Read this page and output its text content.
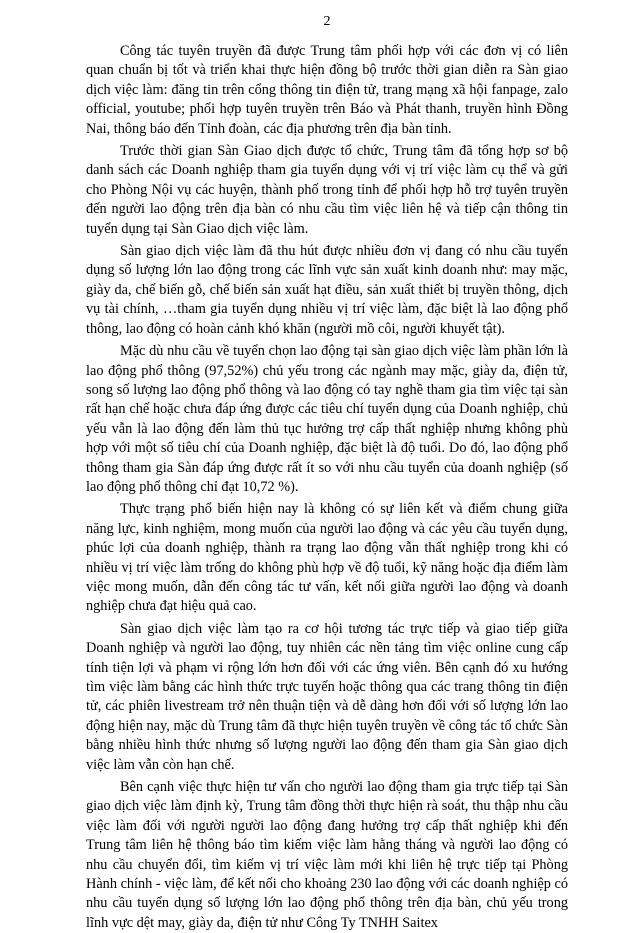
2

Công tác tuyên truyền đã được Trung tâm phối hợp với các đơn vị có liên quan chuẩn bị tốt và triển khai thực hiện đồng bộ trước thời gian diễn ra Sàn giao dịch việc làm: đăng tin trên cổng thông tin điện tử, trang mạng xã hội fanpage, zalo official, youtube; phối hợp tuyên truyền trên Báo và Phát thanh, truyền hình Đồng Nai, thông báo đến Tỉnh đoàn, các địa phương trên địa bàn tỉnh.

Trước thời gian Sàn Giao dịch được tổ chức, Trung tâm đã tổng hợp sơ bộ danh sách các Doanh nghiệp tham gia tuyển dụng với vị trí việc làm cụ thể và gửi cho Phòng Nội vụ các huyện, thành phố trong tỉnh để phối hợp hỗ trợ tuyên truyền đến người lao động trên địa bàn có nhu cầu tìm việc liên hệ và tiếp cận thông tin tuyển dụng tại Sàn Giao dịch việc làm.

Sàn giao dịch việc làm đã thu hút được nhiều đơn vị đang có nhu cầu tuyển dụng số lượng lớn lao động trong các lĩnh vực sản xuất kinh doanh như: may mặc, giày da, chế biến gỗ, chế biến sản xuất hạt điều, sản xuất thiết bị truyền thông, dịch vụ tài chính, …tham gia tuyển dụng nhiều vị trí việc làm, đặc biệt là lao động phổ thông, lao động có hoàn cảnh khó khăn (người mồ côi, người khuyết tật).

Mặc dù nhu cầu về tuyển chọn lao động tại sàn giao dịch việc làm phần lớn là lao động phổ thông (97,52%) chủ yếu trong các ngành may mặc, giày da, điện tử, song số lượng lao động phổ thông và lao động có tay nghề tham gia tìm việc tại sàn rất hạn chế hoặc chưa đáp ứng được các tiêu chí tuyển dụng của Doanh nghiệp, chủ yếu vẫn là lao động đến làm thủ tục hưởng trợ cấp thất nghiệp nhưng không phù hợp với một số tiêu chí của Doanh nghiệp, đặc biệt là độ tuổi. Do đó, lao động phổ thông tham gia Sàn đáp ứng được rất ít so với nhu cầu tuyển của doanh nghiệp (số lao động phổ thông chỉ đạt 10,72 %).

Thực trạng phổ biến hiện nay là không có sự liên kết và điểm chung giữa năng lực, kinh nghiệm, mong muốn của người lao động và các yêu cầu tuyển dụng, phúc lợi của doanh nghiệp, thành ra trạng lao động vẫn thất nghiệp trong khi có nhiều vị trí việc làm trống do không phù hợp về độ tuổi, kỹ năng hoặc địa điểm làm việc mong muốn, dẫn đến công tác tư vấn, kết nối giữa người lao động và doanh nghiệp chưa đạt hiệu quả cao.

Sàn giao dịch việc làm tạo ra cơ hội tương tác trực tiếp và giao tiếp giữa Doanh nghiệp và người lao động, tuy nhiên các nền tảng tìm việc online cung cấp tính tiện lợi và phạm vi rộng lớn hơn đối với các ứng viên. Bên cạnh đó xu hướng tìm việc làm bằng các hình thức trực tuyến hoặc thông qua các trang thông tin điện tử, các phiên livestream trở nên thuận tiện và dễ dàng hơn đối với số lượng lớn lao động hiện nay, mặc dù Trung tâm đã thực hiện tuyên truyền về công tác tổ chức Sàn bằng nhiều hình thức nhưng số lượng người lao động đến tham gia Sàn giao dịch việc làm vẫn còn hạn chế.

Bên cạnh việc thực hiện tư vấn cho người lao động tham gia trực tiếp tại Sàn giao dịch việc làm định kỳ, Trung tâm đồng thời thực hiện rà soát, thu thập nhu cầu việc làm đối với người người lao động đang hưởng trợ cấp thất nghiệp khi đến Trung tâm liên hệ thông báo tìm kiếm việc làm hằng tháng và người lao động có nhu cầu chuyển đổi, tìm kiếm vị trí việc làm mới khi liên hệ trực tiếp tại Phòng Hành chính - việc làm, để kết nối cho khoảng 230 lao động với các doanh nghiệp có nhu cầu tuyển dụng số lượng lớn lao động phổ thông trên địa bàn, chủ yếu trong lĩnh vực dệt may, giày da, điện tử như Công Ty TNHH Saitex
